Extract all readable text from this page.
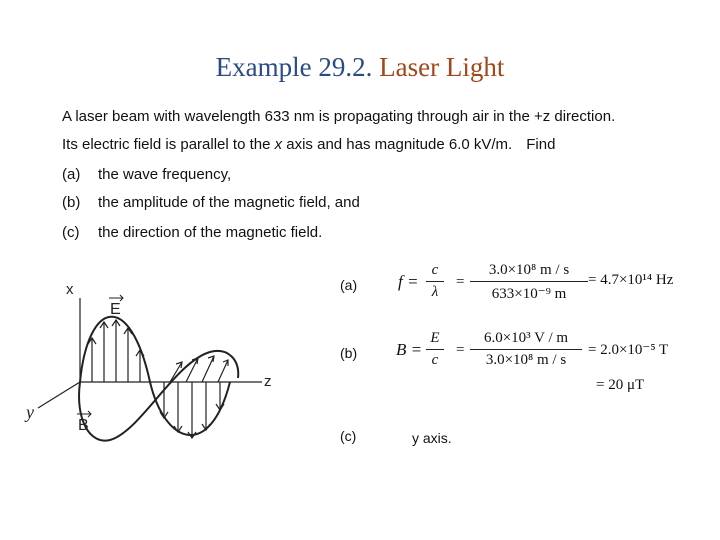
Example 29.2. Laser Light
A laser beam with wavelength 633 nm is propagating through air in the +z direction.
Its electric field is parallel to the x axis and has magnitude 6.0 kV/m. Find
(a) the wave frequency,
(b) the amplitude of the magnetic field, and
(c) the direction of the magnetic field.
x
z
y
E
B
(a) f =
c
λ
=
3.0×10⁸ m / s
633×10⁻⁹ m
= 4.7×10¹⁴ Hz
(b) B =
E
c
=
6.0×10³ V / m
3.0×10⁸ m / s
= 2.0×10⁻⁵ T
= 20 μT
(c)	y axis.
